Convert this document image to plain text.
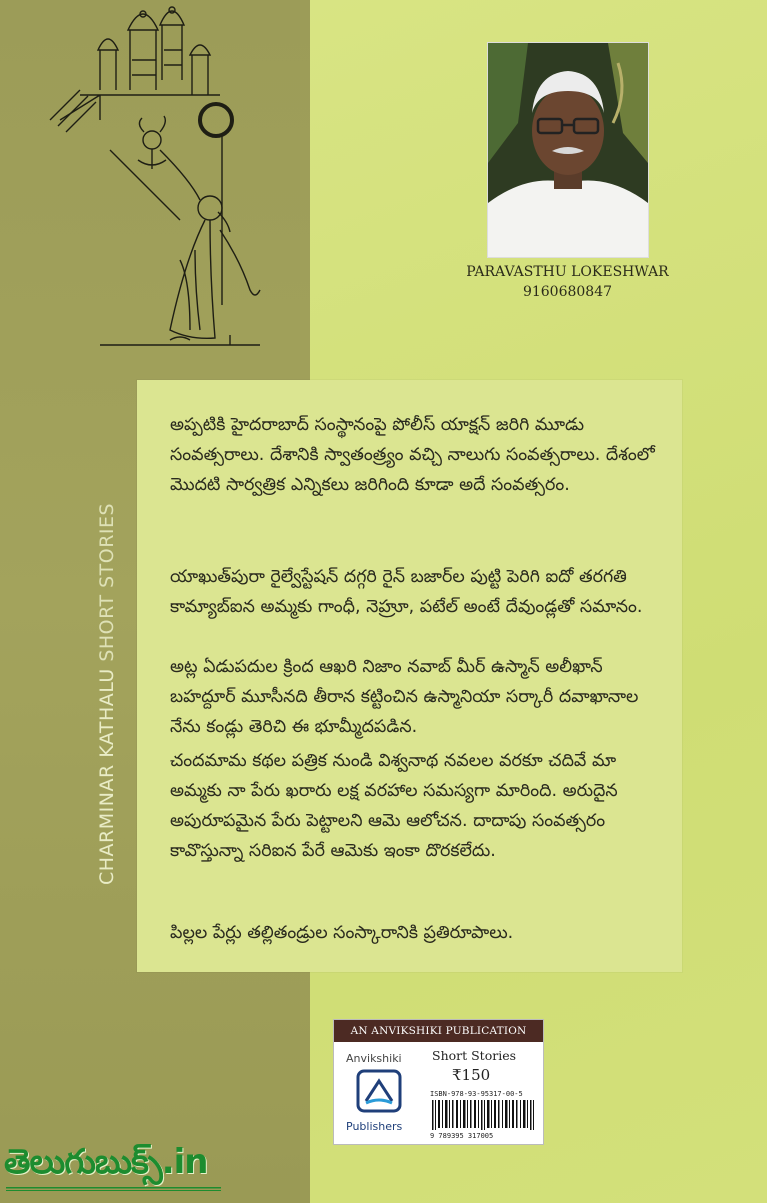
CHARMINAR KATHALU SHORT STORIES
PARAVASTHU LOKESHWAR
9160680847

అప్పటికి హైదరాబాద్ సంస్థానంపై పోలీస్ యాక్షన్ జరిగి మూడు సంవత్సరాలు. దేశానికి స్వాతంత్ర్యం వచ్చి నాలుగు సంవత్సరాలు. దేశంలో మొదటి సార్వత్రిక ఎన్నికలు జరిగింది కూడా అదే సంవత్సరం.

యాఖుత్‌పురా రైల్వేస్టేషన్ దగ్గరి రైన్ బజార్‌ల పుట్టి పెరిగి ఐదో తరగతి కామ్యాబ్ఐన అమ్మకు గాంధీ, నెహ్రూ, పటేల్ అంటే దేవుండ్లతో సమానం.

అట్ల ఏడుపదుల క్రింద ఆఖరి నిజాం నవాబ్ మీర్ ఉస్మాన్ అలీఖాన్ బహద్దూర్ మూసీనది తీరాన కట్టించిన ఉస్మానియా సర్కారీ దవాఖానాల నేను కండ్లు తెరిచి ఈ భూమ్మీదపడిన.

చందమామ కథల పత్రిక నుండి విశ్వనాథ నవలల వరకూ చదివే మా అమ్మకు నా పేరు ఖరారు లక్ష వరహాల సమస్యగా మారింది. అరుదైన అపురూపమైన పేరు పెట్టాలని ఆమె ఆలోచన. దాదాపు సంవత్సరం కావొస్తున్నా సరిఐన పేరే ఆమెకు ఇంకా దొరకలేదు.

పిల్లల పేర్లు తల్లితండ్రుల సంస్కారానికి ప్రతిరూపాలు.

AN ANVIKSHIKI PUBLICATION
Anvikshiki
Publishers
Short Stories
₹150
ISBN-978-93-95317-00-5
9 789395 317005
తెలుగుబుక్స్.in
